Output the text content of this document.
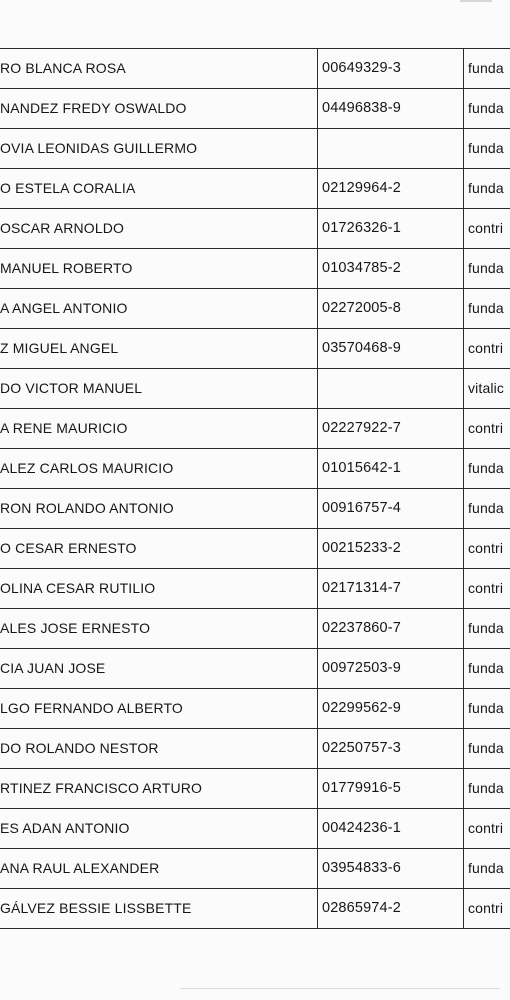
RO BLANCA ROSA	00649329-3	funda
NANDEZ FREDY OSWALDO	04496838-9	funda
OVIA LEONIDAS GUILLERMO		funda
O ESTELA CORALIA	02129964-2	funda
OSCAR ARNOLDO	01726326-1	contri
MANUEL ROBERTO	01034785-2	funda
A ANGEL ANTONIO	02272005-8	funda
Z MIGUEL ANGEL	03570468-9	contri
DO VICTOR MANUEL		vitalic
A RENE MAURICIO	02227922-7	contri
ALEZ CARLOS MAURICIO	01015642-1	funda
RON ROLANDO ANTONIO	00916757-4	funda
O CESAR ERNESTO	00215233-2	contri
OLINA CESAR RUTILIO	02171314-7	contri
ALES JOSE ERNESTO	02237860-7	funda
CIA JUAN JOSE	00972503-9	funda
LGO FERNANDO ALBERTO	02299562-9	funda
DO ROLANDO NESTOR	02250757-3	funda
RTINEZ FRANCISCO ARTURO	01779916-5	funda
ES ADAN ANTONIO	00424236-1	contri
ANA RAUL ALEXANDER	03954833-6	funda
GÁLVEZ BESSIE LISSBETTE	02865974-2	contri
